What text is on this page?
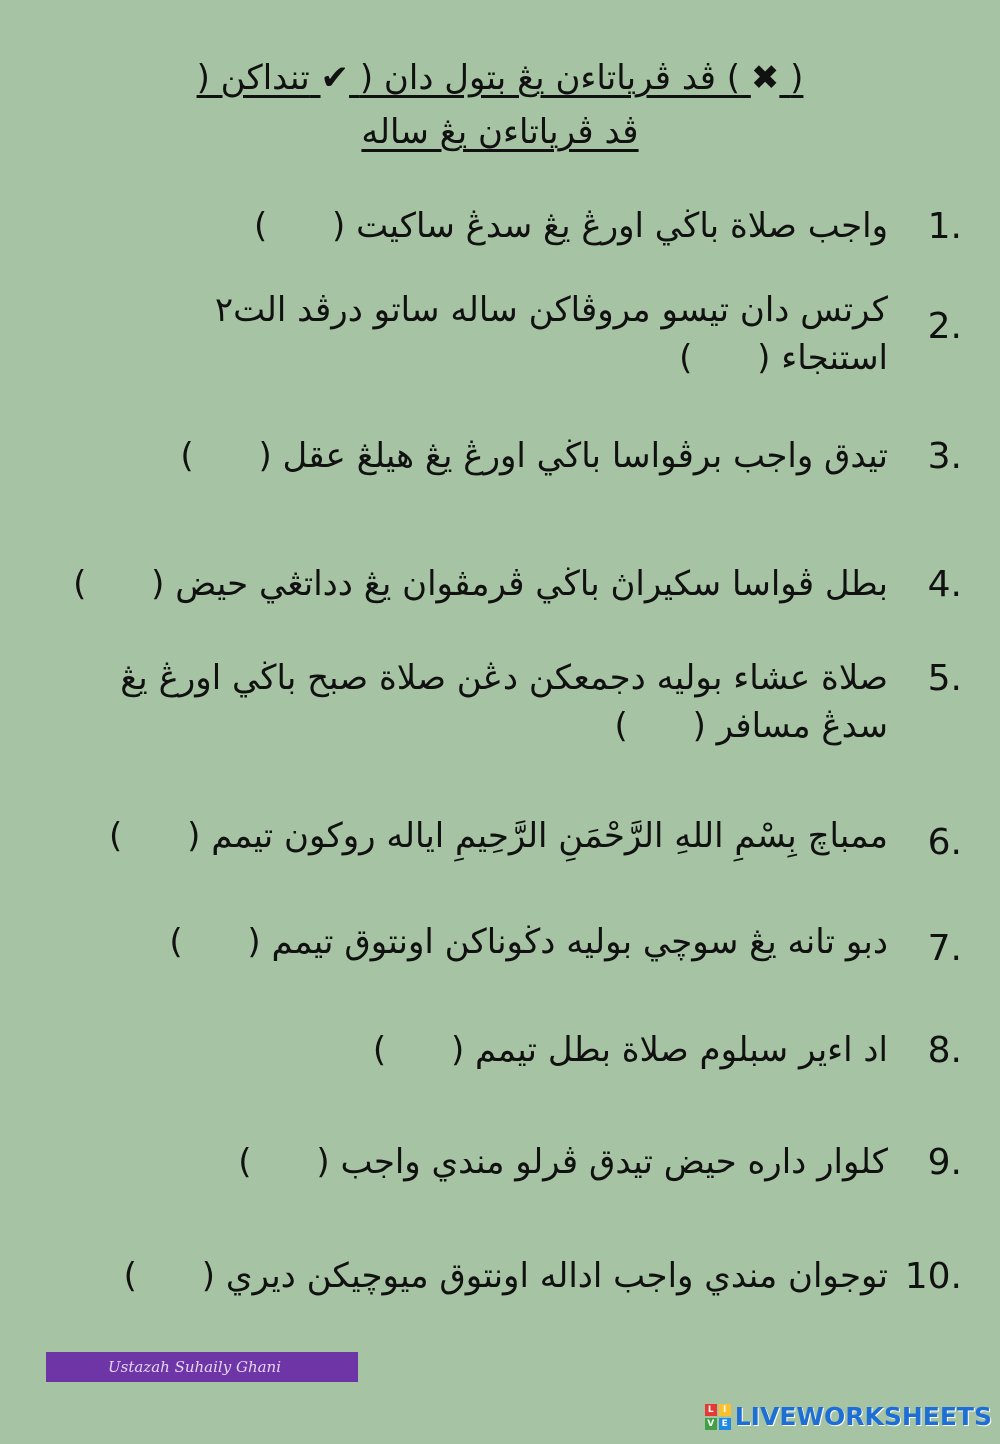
تنداكن ( ✔ ) ڤد ڤرياتاءن يڠ بتول دان ( ✖ )
ڤد ڤرياتاءن يڠ ساله
1.
واجب صلاة باڬي اورڠ يڠ سدڠ ساكيت (      )
2.
كرتس دان تيسو مروڤاكن ساله ساتو درڤد الت٢ استنجاء (      )
3.
تيدق واجب برڤواسا باڬي اورڠ يڠ هيلڠ عقل (      )
4.
بطل ڤواسا سكيراڽ باڬي ڤرمڤوان يڠ دداتڠي حيض (      )
5.
صلاة عشاء بوليه دجمعكن دڠن صلاة صبح باڬي اورڠ يڠ سدڠ مسافر (      )
6.
ممباچ بِسْمِ اللهِ الرَّحْمَنِ الرَّحِيمِ اياله روكون تيمم (      )
7.
دبو تانه يڠ سوچي بوليه دڬوناكن اونتوق تيمم (      )
8.
اد اءير سبلوم صلاة بطل تيمم (      )
9.
كلوار داره حيض تيدق ڤرلو مندي واجب (      )
10.
توجوان مندي واجب اداله اونتوق ميوچيكن ديري (      )
Ustazah Suhaily Ghani
L	I
V E LIVEWORKSHEETS
